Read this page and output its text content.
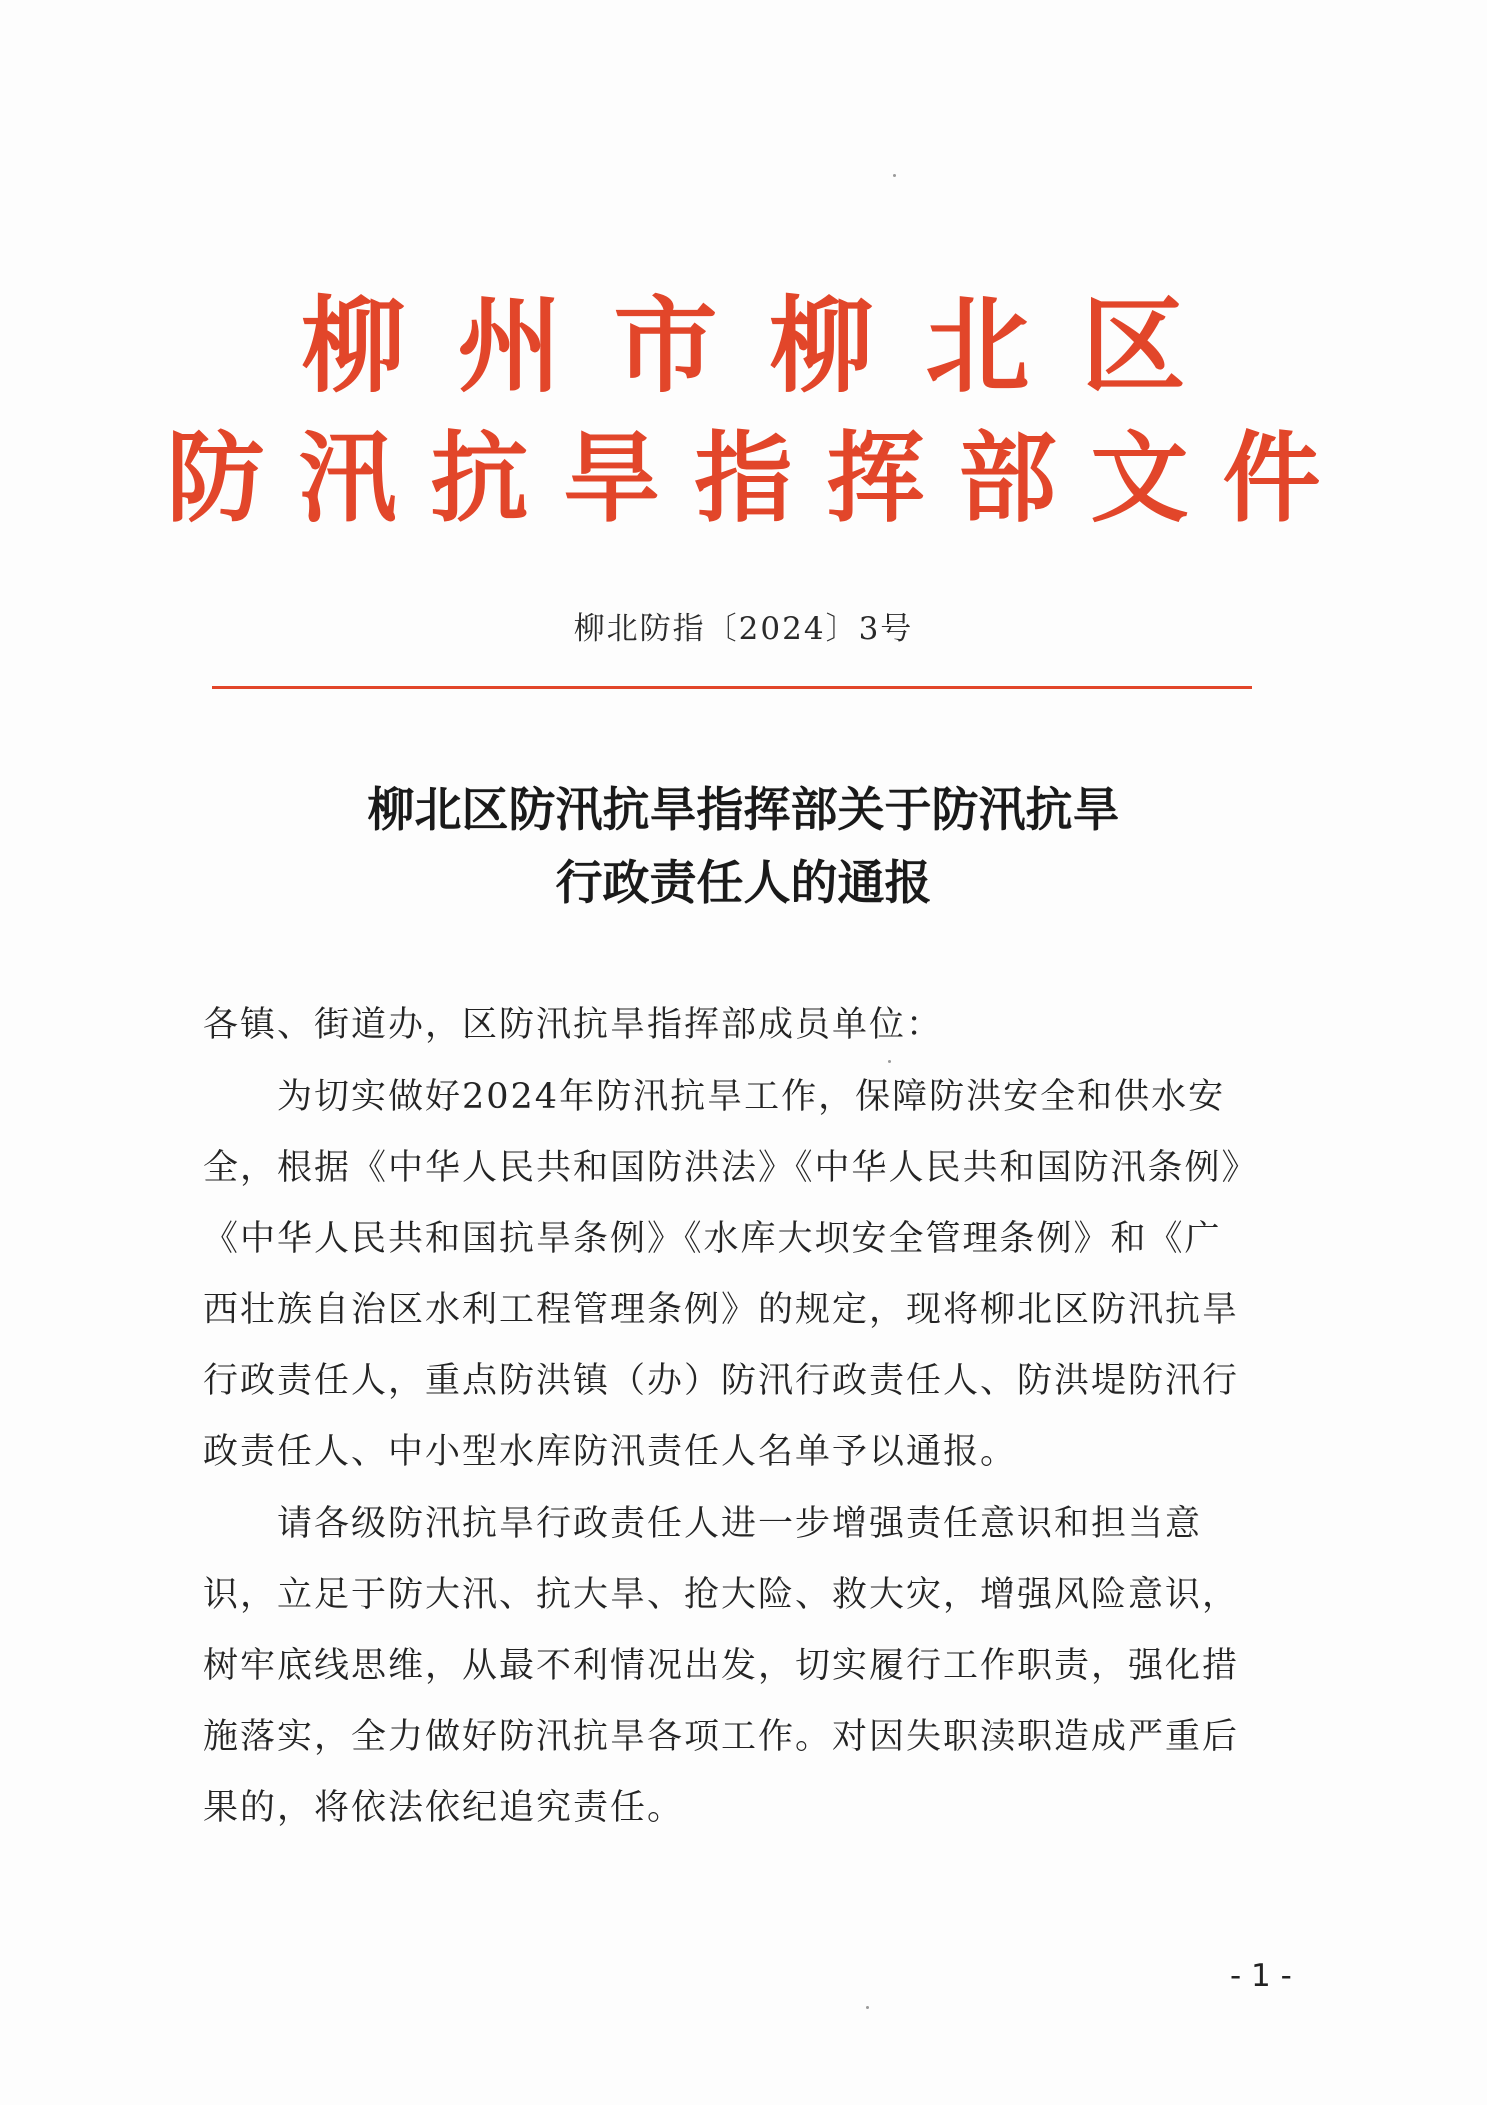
柳州市柳北区
防汛抗旱指挥部文件
柳北防指〔2024〕3号
柳北区防汛抗旱指挥部关于防汛抗旱
行政责任人的通报
各镇、街道办，区防汛抗旱指挥部成员单位：
　　为切实做好2024年防汛抗旱工作，保障防洪安全和供水安
全，根据《中华人民共和国防洪法》《中华人民共和国防汛条例》
《中华人民共和国抗旱条例》《水库大坝安全管理条例》和《广
西壮族自治区水利工程管理条例》的规定，现将柳北区防汛抗旱
行政责任人，重点防洪镇（办）防汛行政责任人、防洪堤防汛行
政责任人、中小型水库防汛责任人名单予以通报。
　　请各级防汛抗旱行政责任人进一步增强责任意识和担当意
识，立足于防大汛、抗大旱、抢大险、救大灾，增强风险意识，
树牢底线思维，从最不利情况出发，切实履行工作职责，强化措
施落实，全力做好防汛抗旱各项工作。对因失职渎职造成严重后
果的，将依法依纪追究责任。
- 1 -
